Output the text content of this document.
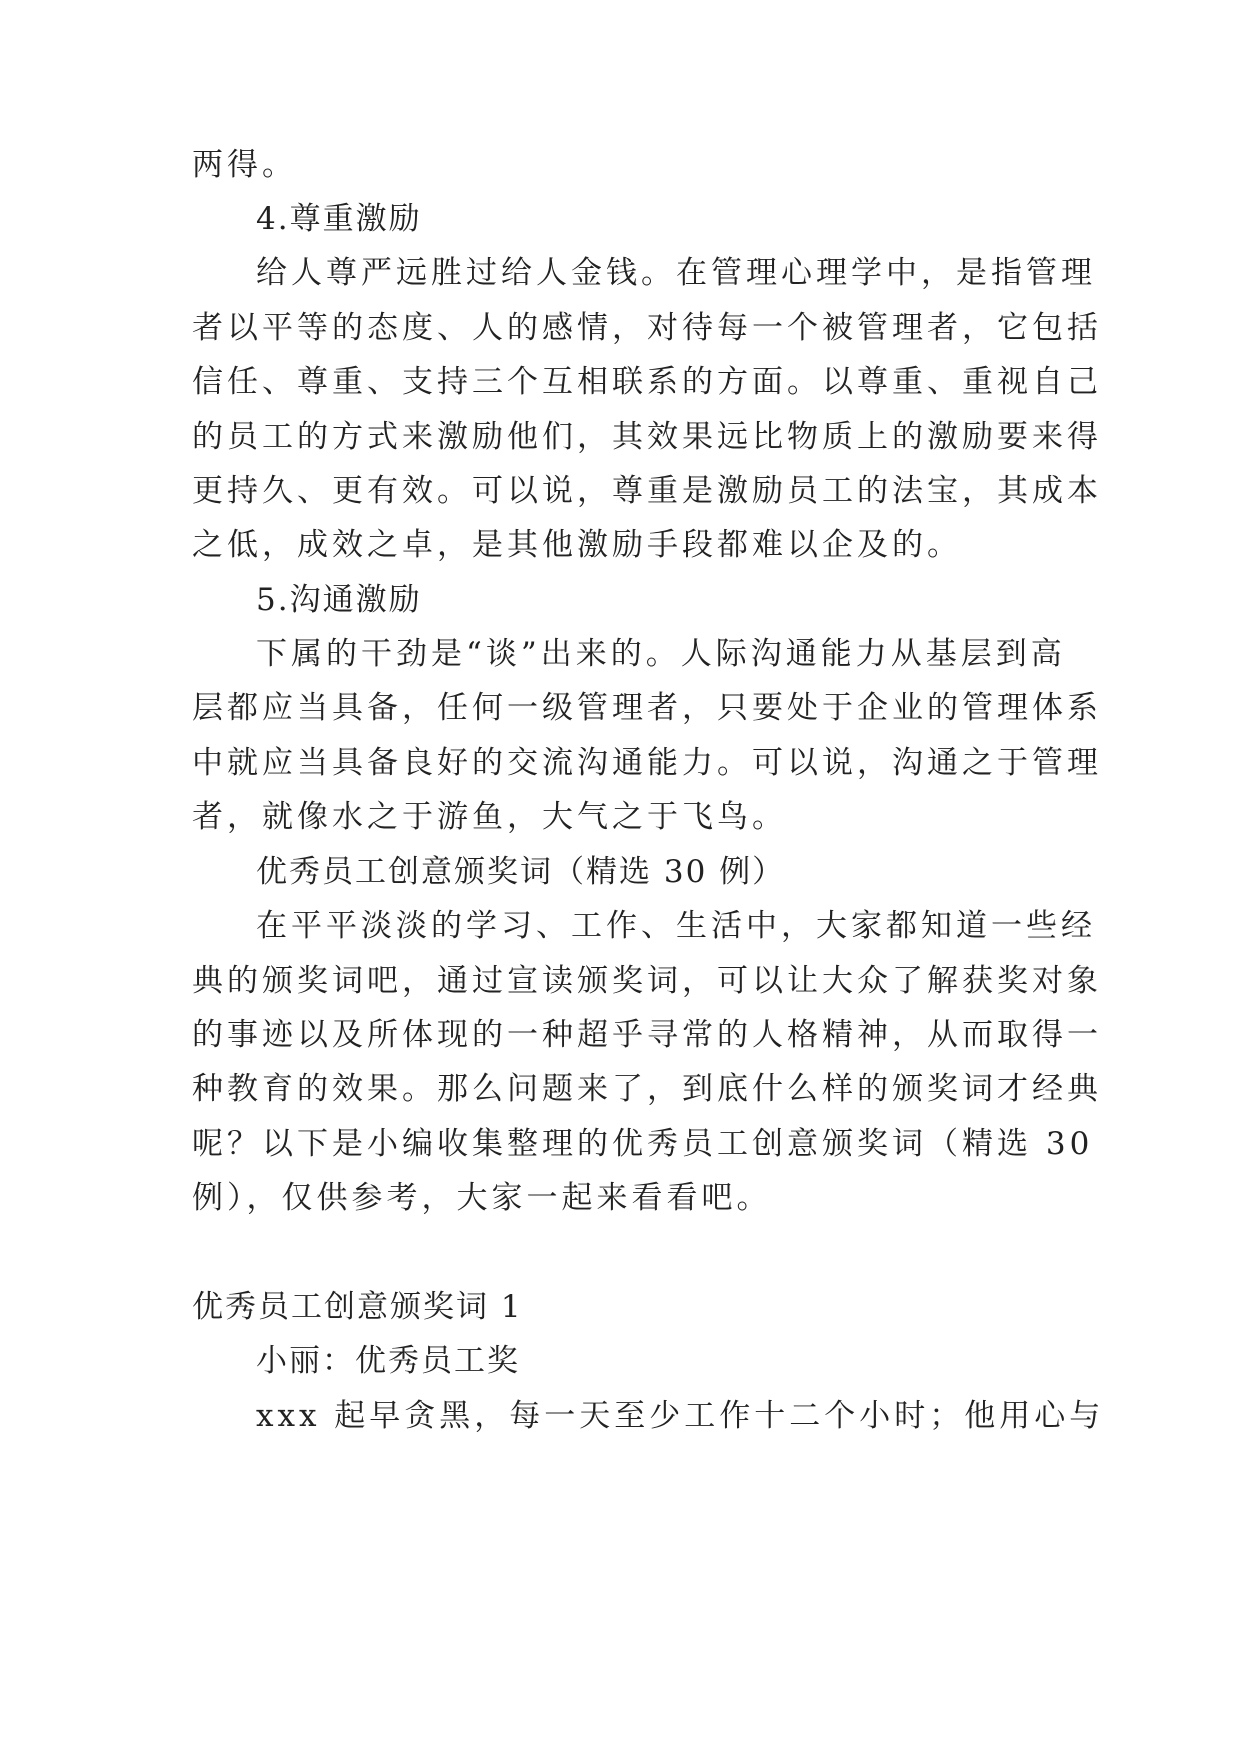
两得。
4.尊重激励
给人尊严远胜过给人金钱。在管理心理学中，是指管理
者以平等的态度、人的感情，对待每一个被管理者，它包括
信任、尊重、支持三个互相联系的方面。以尊重、重视自己
的员工的方式来激励他们，其效果远比物质上的激励要来得
更持久、更有效。可以说，尊重是激励员工的法宝，其成本
之低，成效之卓，是其他激励手段都难以企及的。
5.沟通激励
下属的干劲是“谈”出来的。人际沟通能力从基层到高
层都应当具备，任何一级管理者，只要处于企业的管理体系
中就应当具备良好的交流沟通能力。可以说，沟通之于管理
者，就像水之于游鱼，大气之于飞鸟。
优秀员工创意颁奖词（精选 30 例）
在平平淡淡的学习、工作、生活中，大家都知道一些经
典的颁奖词吧，通过宣读颁奖词，可以让大众了解获奖对象
的事迹以及所体现的一种超乎寻常的人格精神，从而取得一
种教育的效果。那么问题来了，到底什么样的颁奖词才经典
呢？以下是小编收集整理的优秀员工创意颁奖词（精选 30
例），仅供参考，大家一起来看看吧。
优秀员工创意颁奖词 1
小丽：优秀员工奖
xxx 起早贪黑，每一天至少工作十二个小时；他用心与
